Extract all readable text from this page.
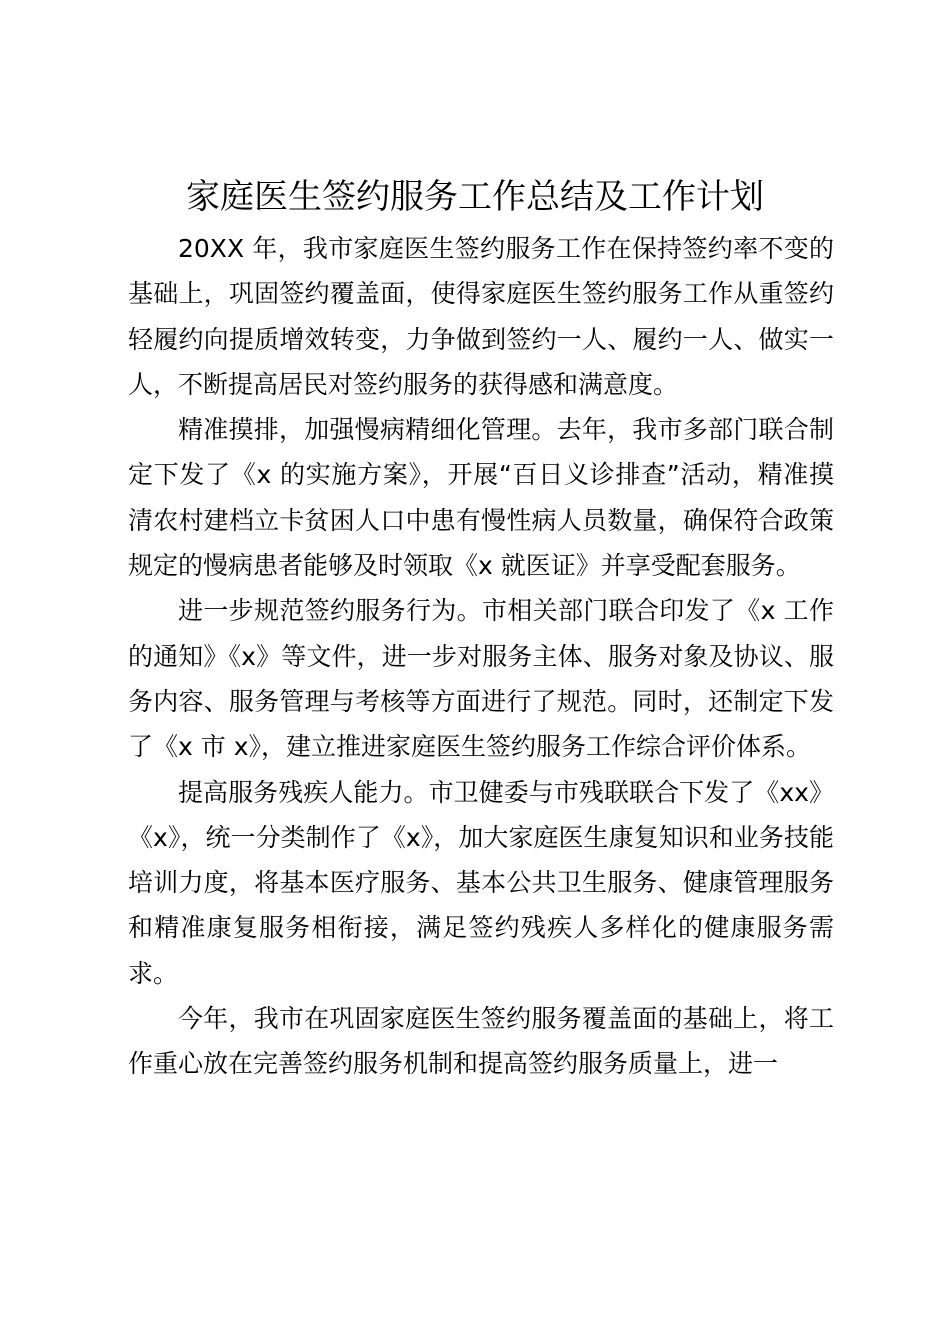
家庭医生签约服务工作总结及工作计划

20XX 年，我市家庭医生签约服务工作在保持签约率不变的基础上，巩固签约覆盖面，使得家庭医生签约服务工作从重签约轻履约向提质增效转变，力争做到签约一人、履约一人、做实一人，不断提高居民对签约服务的获得感和满意度。

精准摸排，加强慢病精细化管理。去年，我市多部门联合制定下发了《x 的实施方案》，开展“百日义诊排查”活动，精准摸清农村建档立卡贫困人口中患有慢性病人员数量，确保符合政策规定的慢病患者能够及时领取《x 就医证》并享受配套服务。

进一步规范签约服务行为。市相关部门联合印发了《x 工作的通知》《x》等文件，进一步对服务主体、服务对象及协议、服务内容、服务管理与考核等方面进行了规范。同时，还制定下发了《x 市 x》，建立推进家庭医生签约服务工作综合评价体系。

提高服务残疾人能力。市卫健委与市残联联合下发了《xx》《x》，统一分类制作了《x》，加大家庭医生康复知识和业务技能培训力度，将基本医疗服务、基本公共卫生服务、健康管理服务和精准康复服务相衔接，满足签约残疾人多样化的健康服务需求。

今年，我市在巩固家庭医生签约服务覆盖面的基础上，将工作重心放在完善签约服务机制和提高签约服务质量上，进一
